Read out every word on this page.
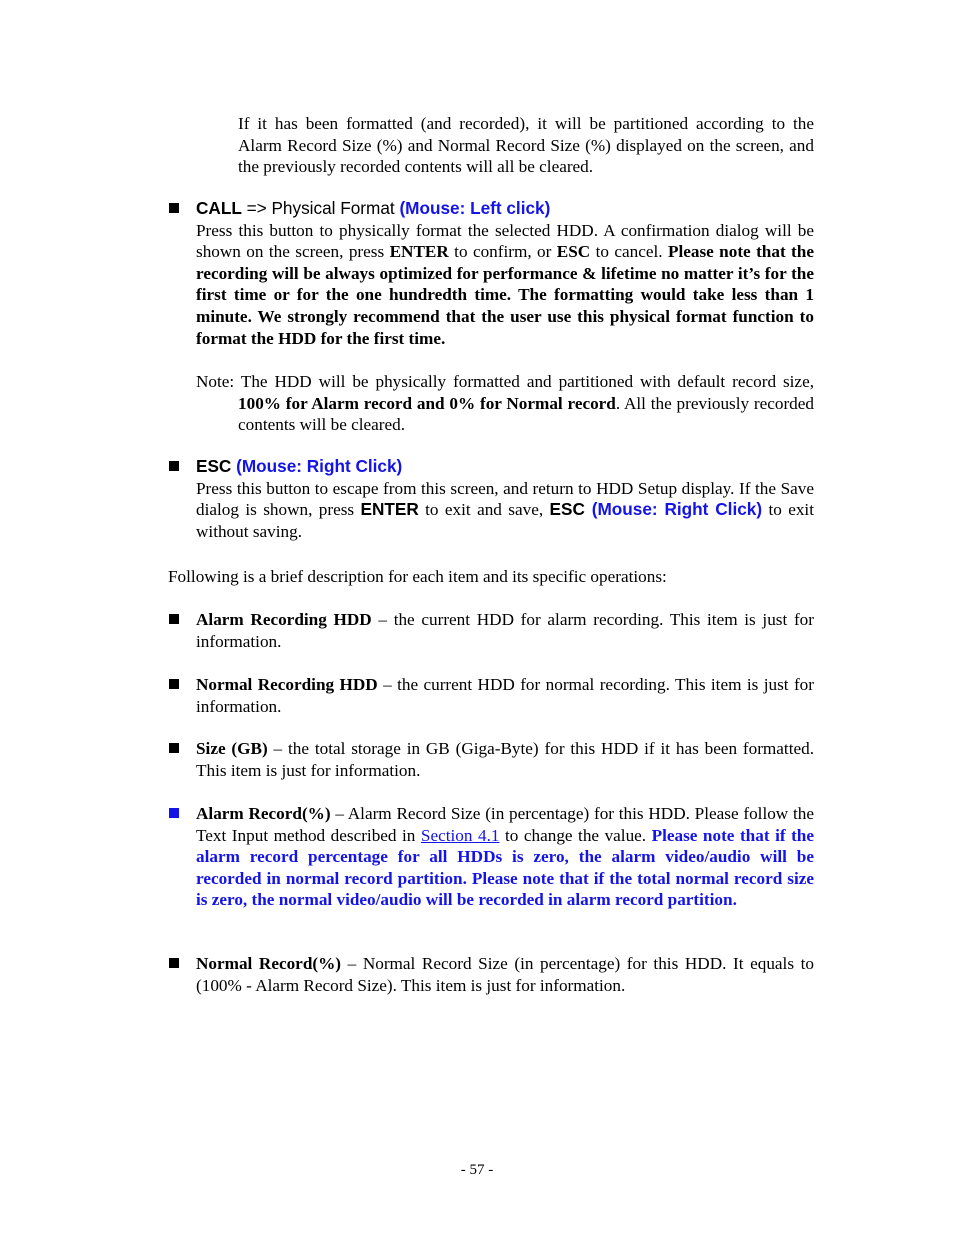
If it has been formatted (and recorded), it will be partitioned according to the Alarm Record Size (%) and Normal Record Size (%) displayed on the screen, and the previously recorded contents will all be cleared.

CALL => Physical Format (Mouse: Left click)

Press this button to physically format the selected HDD. A confirmation dialog will be shown on the screen, press ENTER to confirm, or ESC to cancel. Please note that the recording will be always optimized for performance & lifetime no matter it’s for the first time or for the one hundredth time. The formatting would take less than 1 minute. We strongly recommend that the user use this physical format function to format the HDD for the first time.

Note: The HDD will be physically formatted and partitioned with default record size, 100% for Alarm record and 0% for Normal record. All the previously recorded contents will be cleared.

ESC (Mouse: Right Click)

Press this button to escape from this screen, and return to HDD Setup display. If the Save dialog is shown, press ENTER to exit and save, ESC (Mouse: Right Click) to exit without saving.

Following is a brief description for each item and its specific operations:

Alarm Recording HDD – the current HDD for alarm recording. This item is just for information.

Normal Recording HDD – the current HDD for normal recording. This item is just for information.

Size (GB) – the total storage in GB (Giga-Byte) for this HDD if it has been formatted. This item is just for information.

Alarm Record(%) – Alarm Record Size (in percentage) for this HDD. Please follow the Text Input method described in Section 4.1 to change the value. Please note that if the alarm record percentage for all HDDs is zero, the alarm video/audio will be recorded in normal record partition. Please note that if the total normal record size is zero, the normal video/audio will be recorded in alarm record partition.

Normal Record(%) – Normal Record Size (in percentage) for this HDD. It equals to (100% - Alarm Record Size). This item is just for information.

- 57 -
